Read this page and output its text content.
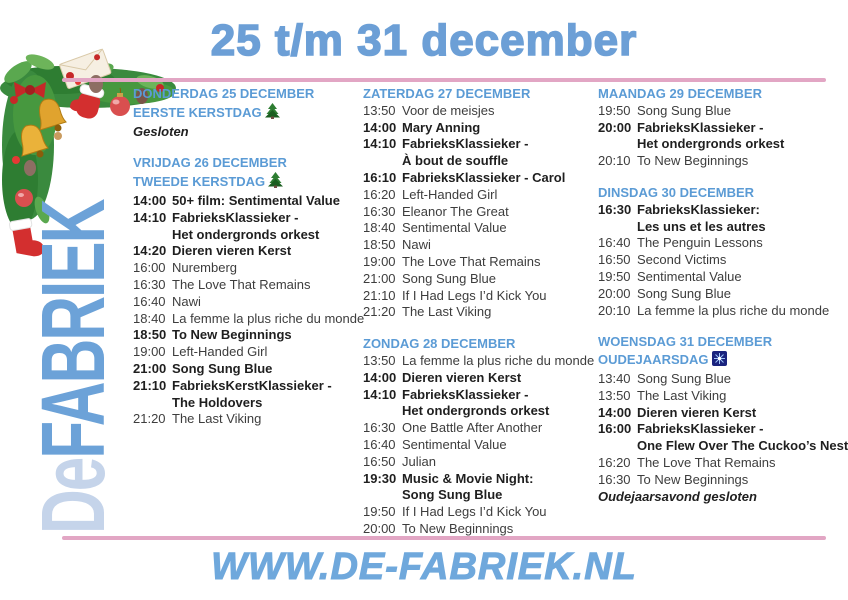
25 t/m 31 december
DeFABRIEK
DONDERDAG 25 DECEMBER
EERSTE KERSTDAG
Gesloten
VRIJDAG 26 DECEMBER
TWEEDE KERSTDAG
14:00 50+ film: Sentimental Value
14:10 FabrieksKlassieker -
Het ondergronds orkest
14:20 Dieren vieren Kerst
16:00 Nuremberg
16:30 The Love That Remains
16:40 Nawi
18:40 La femme la plus riche du monde
18:50 To New Beginnings
19:00 Left-Handed Girl
21:00 Song Sung Blue
21:10 FabrieksKerstKlassieker -
The Holdovers
21:20 The Last Viking
ZATERDAG 27 DECEMBER
13:50 Voor de meisjes
14:00 Mary Anning
14:10 FabrieksKlassieker -
À bout de souffle
16:10 FabrieksKlassieker - Carol
16:20 Left-Handed Girl
16:30 Eleanor The Great
18:40 Sentimental Value
18:50 Nawi
19:00 The Love That Remains
21:00 Song Sung Blue
21:10 If I Had Legs I’d Kick You
21:20 The Last Viking
ZONDAG 28 DECEMBER
13:50 La femme la plus riche du monde
14:00 Dieren vieren Kerst
14:10 FabrieksKlassieker -
Het ondergronds orkest
16:30 One Battle After Another
16:40 Sentimental Value
16:50 Julian
19:30 Music & Movie Night:
Song Sung Blue
19:50 If I Had Legs I’d Kick You
20:00 To New Beginnings
MAANDAG 29 DECEMBER
19:50 Song Sung Blue
20:00 FabrieksKlassieker -
Het ondergronds orkest
20:10 To New Beginnings
DINSDAG 30 DECEMBER
16:30 FabrieksKlassieker:
Les uns et les autres
16:40 The Penguin Lessons
16:50 Second Victims
19:50 Sentimental Value
20:00 Song Sung Blue
20:10 La femme la plus riche du monde
WOENSDAG 31 DECEMBER
OUDEJAARSDAG
13:40 Song Sung Blue
13:50 The Last Viking
14:00 Dieren vieren Kerst
16:00 FabrieksKlassieker -
One Flew Over The Cuckoo’s Nest
16:20 The Love That Remains
16:30 To New Beginnings
Oudejaarsavond gesloten
WWW.DE-FABRIEK.NL
